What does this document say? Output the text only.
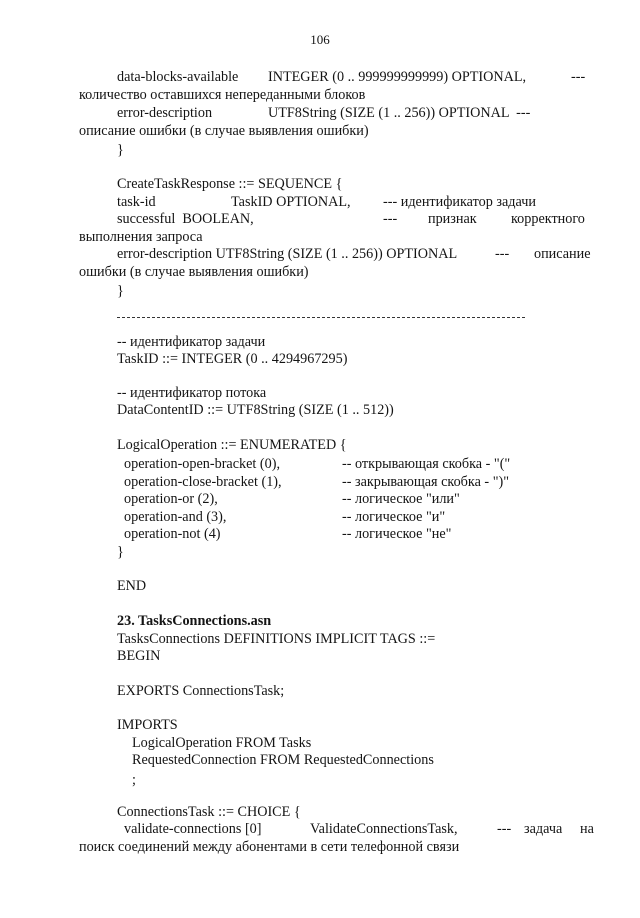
106
data-blocks-available INTEGER (0 .. 999999999999) OPTIONAL,	---
количество оставшихся непереданными блоков
error-description	UTF8String (SIZE (1 .. 256)) OPTIONAL  ---
описание ошибки (в случае выявления ошибки)
}
CreateTaskResponse ::= SEQUENCE {
task-id	TaskID OPTIONAL, --- идентификатор задачи
successful  BOOLEAN,	--- признак корректного
выполнения запроса
error-description UTF8String (SIZE (1 .. 256)) OPTIONAL	--- описание
ошибки (в случае выявления ошибки)
}
-- идентификатор задачи
TaskID ::= INTEGER (0 .. 4294967295)
-- идентификатор потока
DataContentID ::= UTF8String (SIZE (1 .. 512))
LogicalOperation ::= ENUMERATED {
operation-open-bracket (0),	-- открывающая скобка - "("
operation-close-bracket (1),	-- закрывающая скобка - ")"
operation-or (2),	-- логическое "или"
operation-and (3),	-- логическое "и"
operation-not (4)	-- логическое "не"
}
END
23. TasksConnections.asn
TasksConnections DEFINITIONS IMPLICIT TAGS ::=
BEGIN
EXPORTS ConnectionsTask;
IMPORTS
LogicalOperation FROM Tasks
RequestedConnection FROM RequestedConnections
;
ConnectionsTask ::= CHOICE {
validate-connections [0]	ValidateConnectionsTask,	--- задача на
поиск соединений между абонентами в сети телефонной связи
